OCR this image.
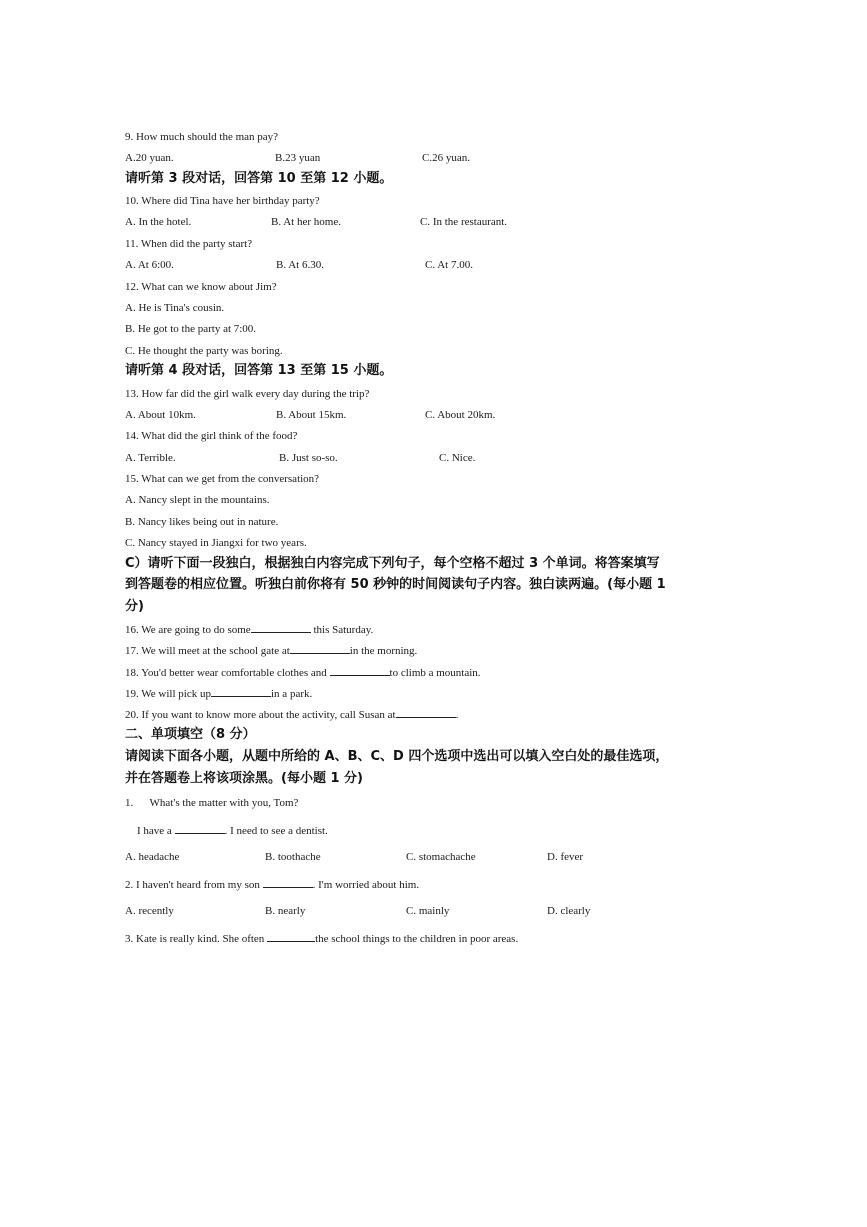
9. How much should the man pay?
A.20 yuan.	B.23 yuan	C.26 yuan.
请听第 3 段对话，回答第 10 至第 12 小题。
10. Where did Tina have her birthday party?
A. In the hotel.	B. At her home.	C. In the restaurant.
11. When did the party start?
A. At 6:00.	B. At 6.30.	C. At 7.00.
12. What can we know about Jim?
A. He is Tina's cousin.
B. He got to the party at 7:00.
C. He thought the party was boring.
请听第 4 段对话，回答第 13 至第 15 小题。
13. How far did the girl walk every day during the trip?
A. About 10km.	B. About 15km.	C. About 20km.
14. What did the girl think of the food?
A. Terrible.	B. Just so-so.	C. Nice.
15. What can we get from the conversation?
A. Nancy slept in the mountains.
B. Nancy likes being out in nature.
C. Nancy stayed in Jiangxi for two years.
C）请听下面一段独白，根据独白内容完成下列句子，每个空格不超过 3 个单词。将答案填写
到答题卷的相应位置。听独白前你将有 50 秒钟的时间阅读句子内容。独白读两遍。(每小题 1
分)
16. We are going to do some	this Saturday.
17. We will meet at the school gate at	in the morning.
18. You'd better wear comfortable clothes and	to climb a mountain.
19. We will pick up	in a park.
20. If you want to know more about the activity, call Susan at	.
二、单项填空（8 分）
请阅读下面各小题，从题中所给的 A、B、C、D 四个选项中选出可以填入空白处的最佳选项，
并在答题卷上将该项涂黑。(每小题 1 分)
1.      What's the matter with you, Tom?
I have a	. I need to see a dentist.
A. headache	B. toothache	C. stomachache	D. fever
2. I haven't heard from my son	. I'm worried about him.
A. recently	B. nearly	C. mainly	D. clearly
3. Kate is really kind. She often	the school things to the children in poor areas.
